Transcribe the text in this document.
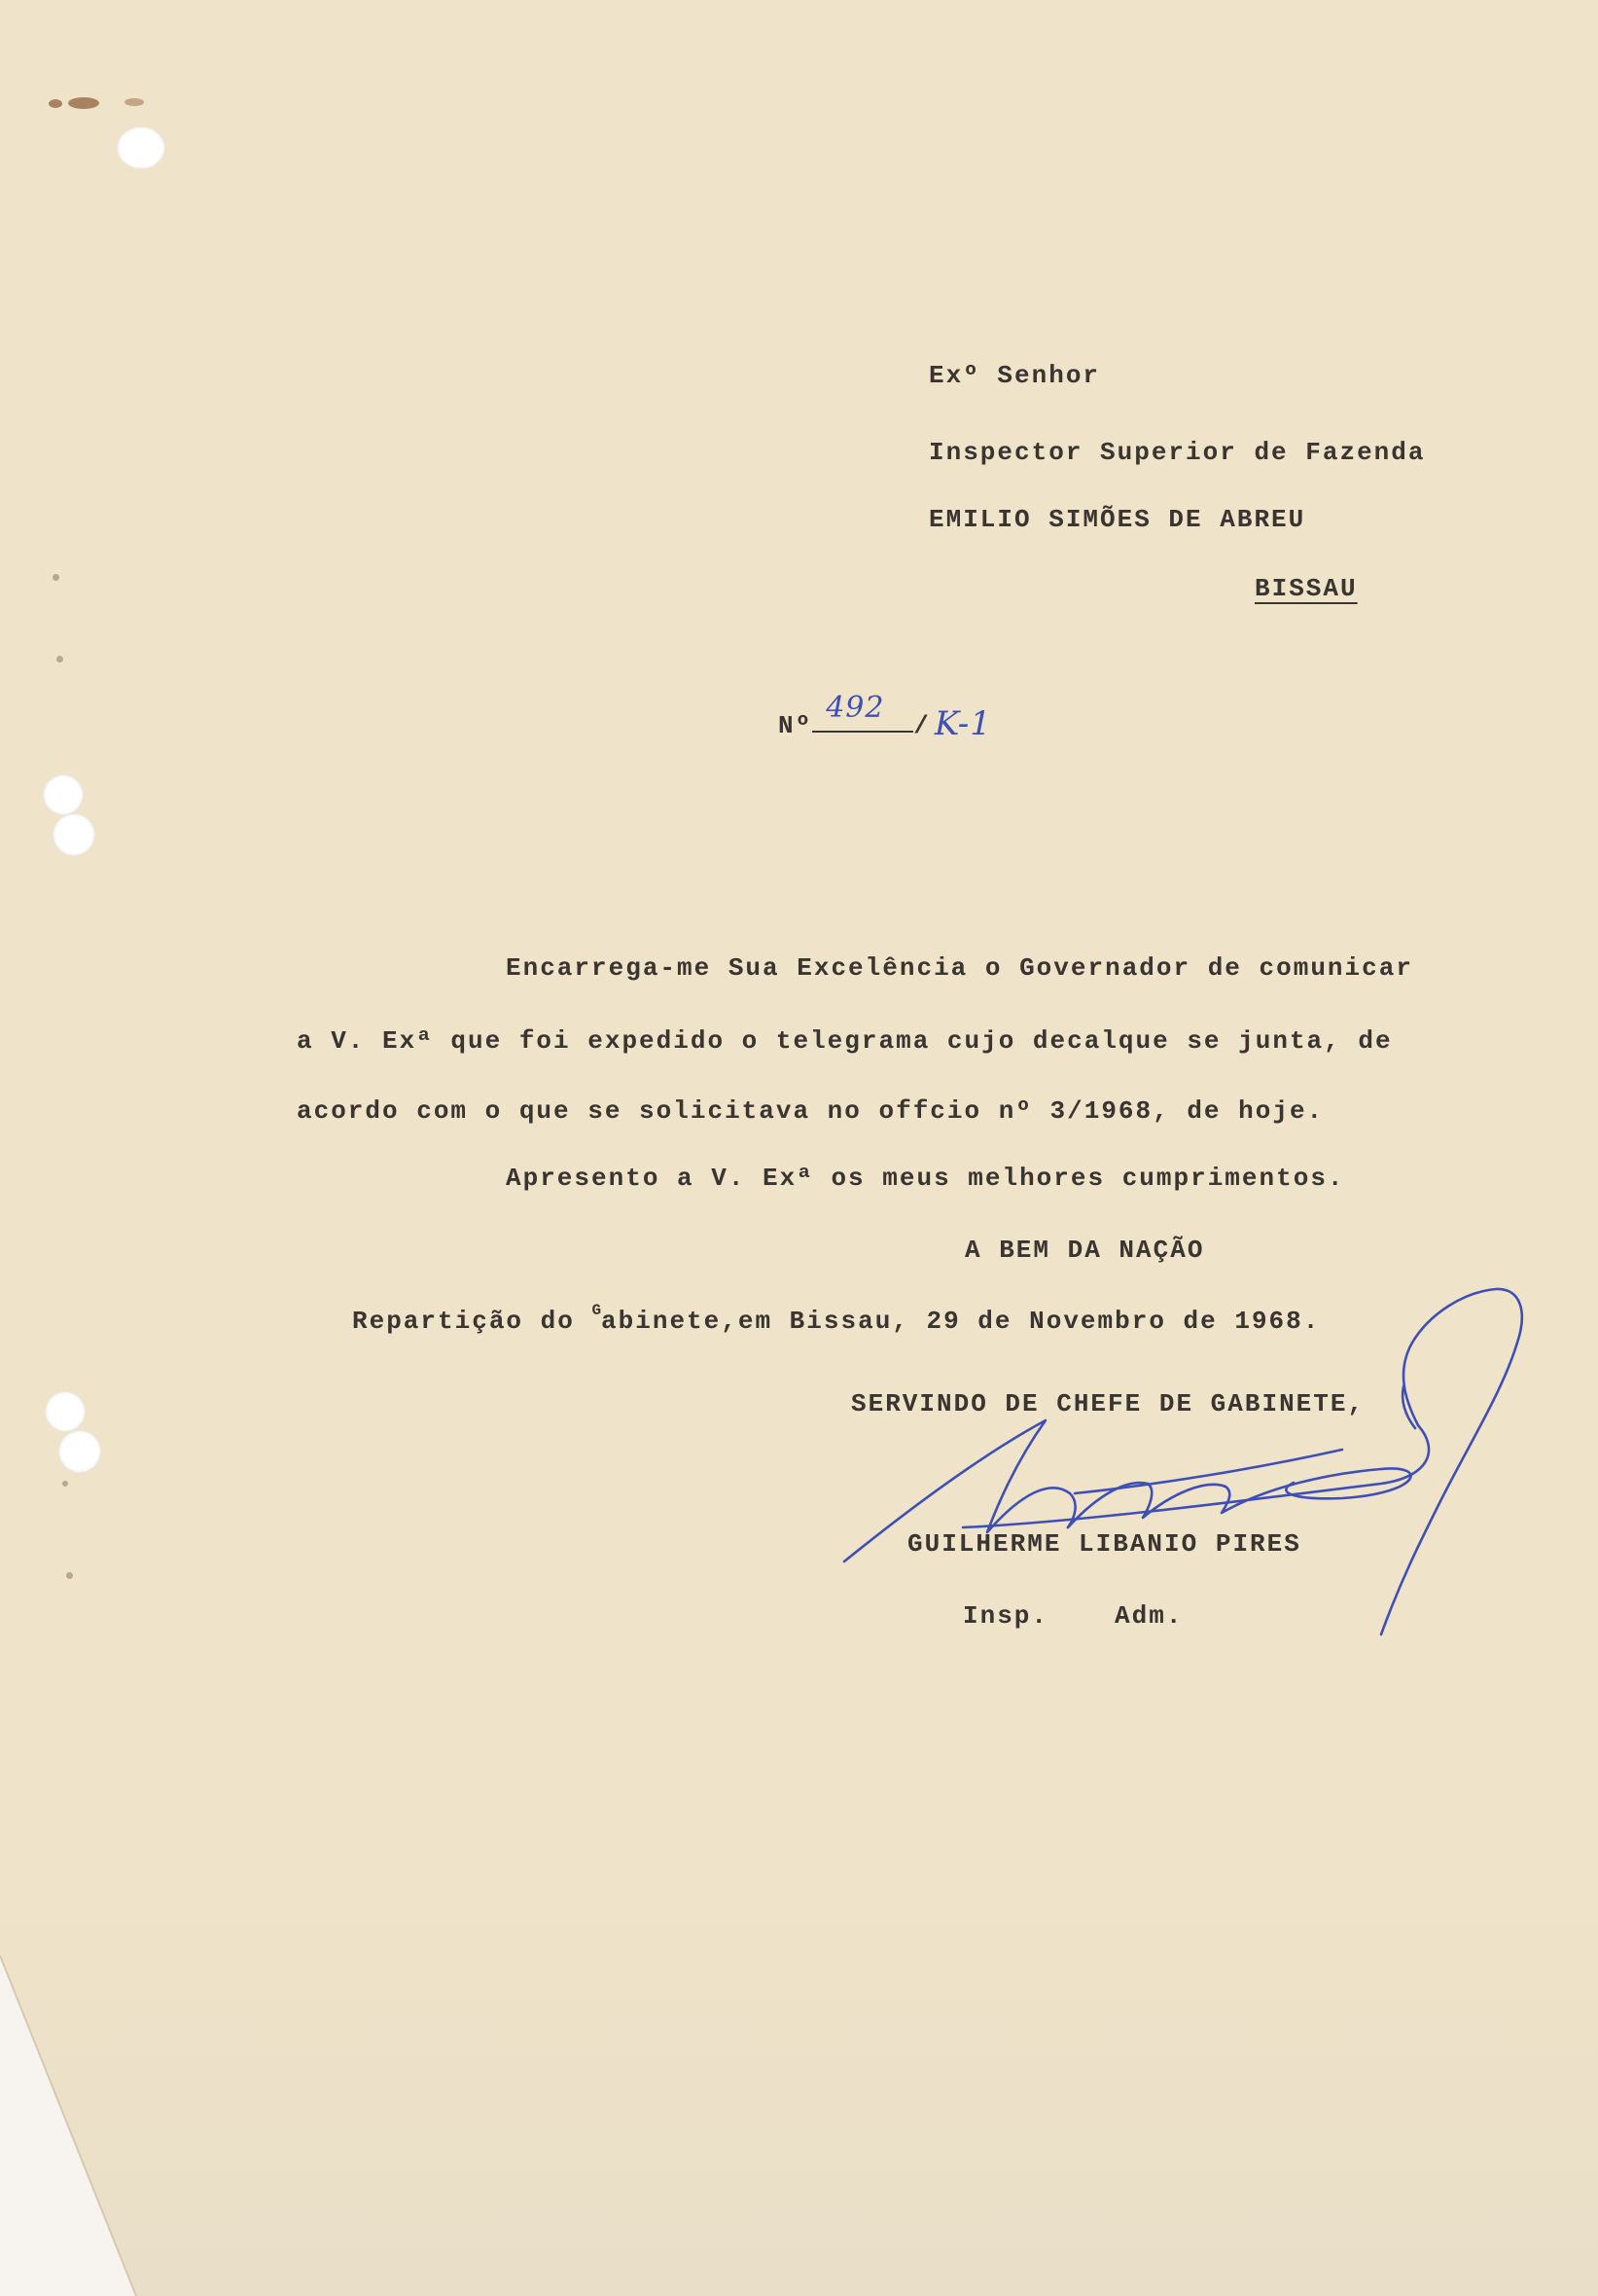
Exº Senhor
Inspector Superior de Fazenda
EMILIO SIMÕES DE ABREU
BISSAU
Nº
492
/ K-1
Encarrega-me Sua Excelência o Governador de comunicar
a V. Exª que foi expedido o telegrama cujo decalque se junta, de
acordo com o que se solicitava no offcio nº 3/1968, de hoje.
Apresento a V. Exª os meus melhores cumprimentos.
A BEM DA NAÇÃO
Repartição do $^G$abinete,em Bissau, 29 de Novembro de 1968.
SERVINDO DE CHEFE DE GABINETE,
GUILHERME LIBANIO PIRES
Insp.	Adm.
